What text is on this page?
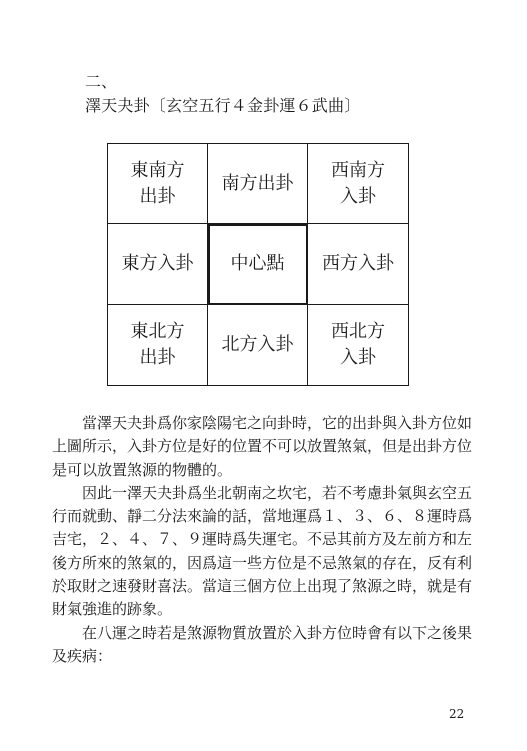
二、
澤天夬卦〔玄空五行４金卦運６武曲〕
東南方
出卦
南方出卦
西南方
入卦
東方入卦	中心點	西方入卦
東北方
出卦
北方入卦
西北方
入卦

當澤天夬卦爲你家陰陽宅之向卦時，它的出卦與入卦方位如上圖所示，入卦方位是好的位置不可以放置煞氣，但是出卦方位是可以放置煞源的物體的。

因此一澤天夬卦爲坐北朝南之坎宅，若不考慮卦氣與玄空五行而就動、靜二分法來論的話，當地運爲１、３、６、８運時爲吉宅，２、４、７、９運時爲失運宅。不忌其前方及左前方和左後方所來的煞氣的，因爲這一些方位是不忌煞氣的存在，反有利於取財之速發財喜法。當這三個方位上出現了煞源之時，就是有財氣強進的跡象。

在八運之時若是煞源物質放置於入卦方位時會有以下之後果及疾病：

22
